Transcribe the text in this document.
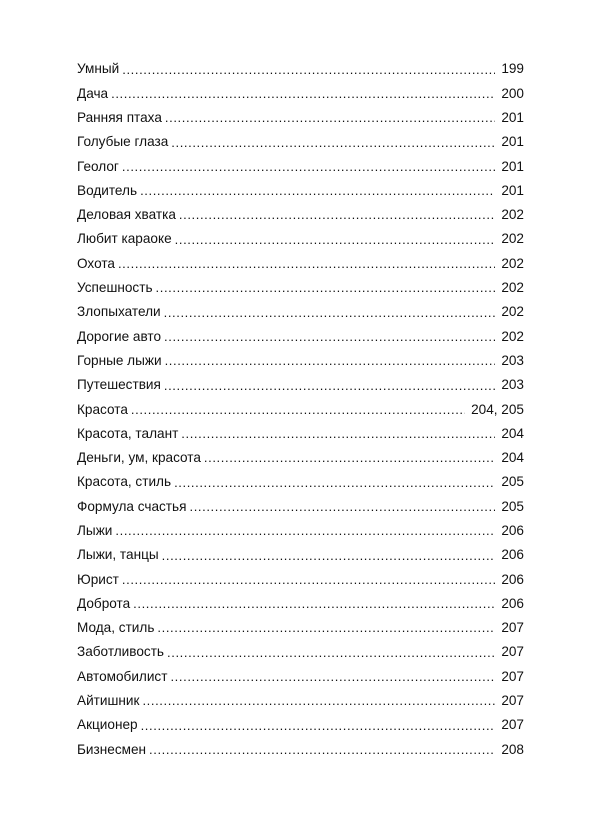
Умный .....	199
Дача .....	200
Ранняя птаха .....	201
Голубые глаза .....	201
Геолог .....	201
Водитель .....	201
Деловая хватка .....	202
Любит караоке .....	202
Охота .....	202
Успешность .....	202
Злопыхатели .....	202
Дорогие авто .....	202
Горные лыжи .....	203
Путешествия .....	203
Красота .....	204, 205
Красота, талант .....	204
Деньги, ум, красота .....	204
Красота, стиль .....	205
Формула счастья .....	205
Лыжи .....	206
Лыжи, танцы .....	206
Юрист .....	206
Доброта .....	206
Мода, стиль .....	207
Заботливость .....	207
Автомобилист .....	207
Айтишник .....	207
Акционер .....	207
Бизнесмен .....	208
